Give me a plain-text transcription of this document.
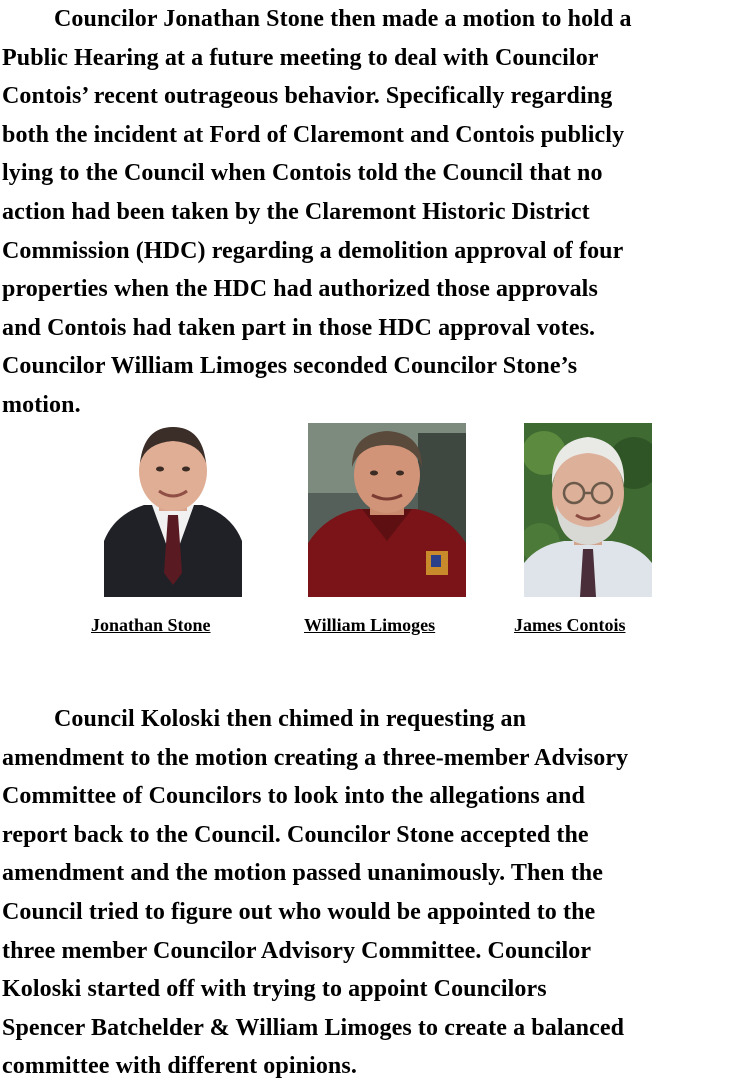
Councilor Jonathan Stone then made a motion to hold a
Public Hearing at a future meeting to deal with Councilor
Contois’ recent outrageous behavior. Specifically regarding
both the incident at Ford of Claremont and Contois publicly
lying to the Council when Contois told the Council that no
action had been taken by the Claremont Historic District
Commission (HDC) regarding a demolition approval of four
properties when the HDC had authorized those approvals
and Contois had taken part in those HDC approval votes.
Councilor William Limoges seconded Councilor Stone’s
motion.
Jonathan Stone	William Limoges	James Contois
Council Koloski then chimed in requesting an
amendment to the motion creating a three-member Advisory
Committee of Councilors to look into the allegations and
report back to the Council. Councilor Stone accepted the
amendment and the motion passed unanimously. Then the
Council tried to figure out who would be appointed to the
three member Councilor Advisory Committee. Councilor
Koloski started off with trying to appoint Councilors
Spencer Batchelder & William Limoges to create a balanced
committee with different opinions.
